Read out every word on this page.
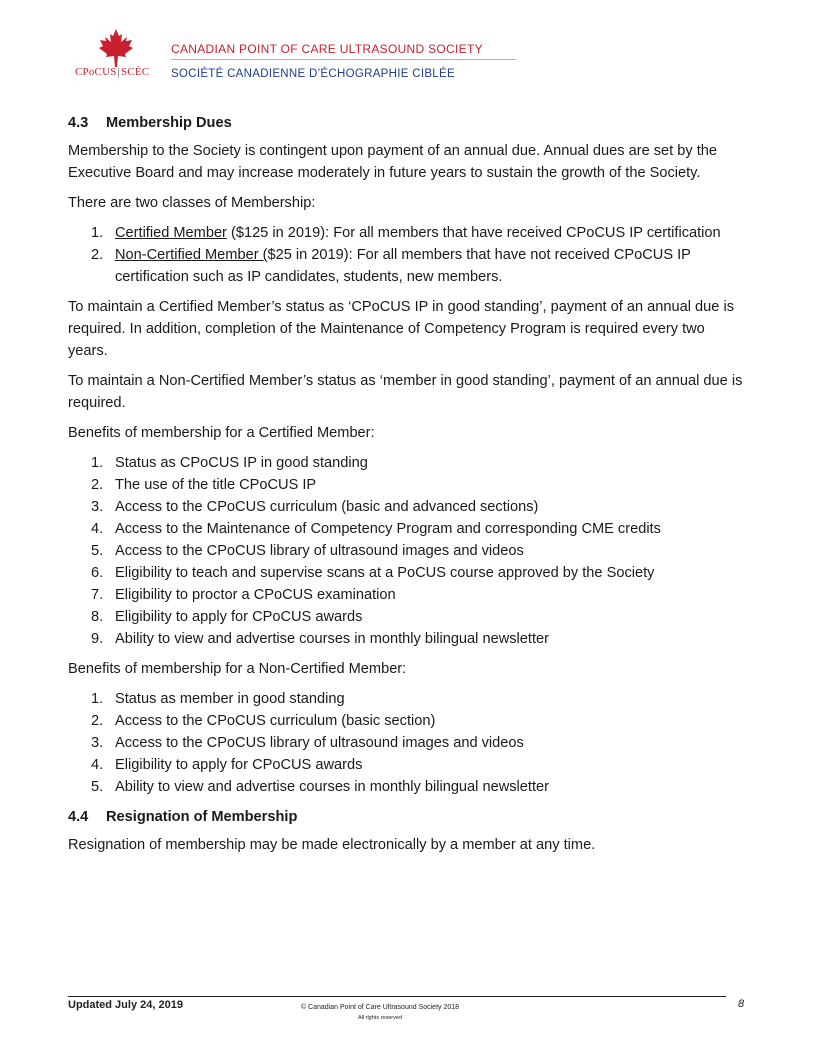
CPoCUS|SCÉC
CANADIAN POINT OF CARE ULTRASOUND SOCIETY
SOCIÉTÉ CANADIENNE D’ÉCHOGRAPHIE CIBLÉE
4.3 Membership Dues

Membership to the Society is contingent upon payment of an annual due. Annual dues are set by the Executive Board and may increase moderately in future years to sustain the growth of the Society.

There are two classes of Membership:

1. Certified Member ($125 in 2019): For all members that have received CPoCUS IP certification
2. Non-Certified Member ($25 in 2019): For all members that have not received CPoCUS IP certification such as IP candidates, students, new members.

To maintain a Certified Member’s status as ‘CPoCUS IP in good standing’, payment of an annual due is required. In addition, completion of the Maintenance of Competency Program is required every two years.

To maintain a Non-Certified Member’s status as ‘member in good standing’, payment of an annual due is required.

Benefits of membership for a Certified Member:

1. Status as CPoCUS IP in good standing
2. The use of the title CPoCUS IP
3. Access to the CPoCUS curriculum (basic and advanced sections)
4. Access to the Maintenance of Competency Program and corresponding CME credits
5. Access to the CPoCUS library of ultrasound images and videos
6. Eligibility to teach and supervise scans at a PoCUS course approved by the Society
7. Eligibility to proctor a CPoCUS examination
8. Eligibility to apply for CPoCUS awards
9. Ability to view and advertise courses in monthly bilingual newsletter

Benefits of membership for a Non-Certified Member:

1. Status as member in good standing
2. Access to the CPoCUS curriculum (basic section)
3. Access to the CPoCUS library of ultrasound images and videos
4. Eligibility to apply for CPoCUS awards
5. Ability to view and advertise courses in monthly bilingual newsletter
4.4 Resignation of Membership

Resignation of membership may be made electronically by a member at any time.

Updated July 24, 2019	© Canadian Point of Care Ultrasound Society 2018
All rights reserved
8
